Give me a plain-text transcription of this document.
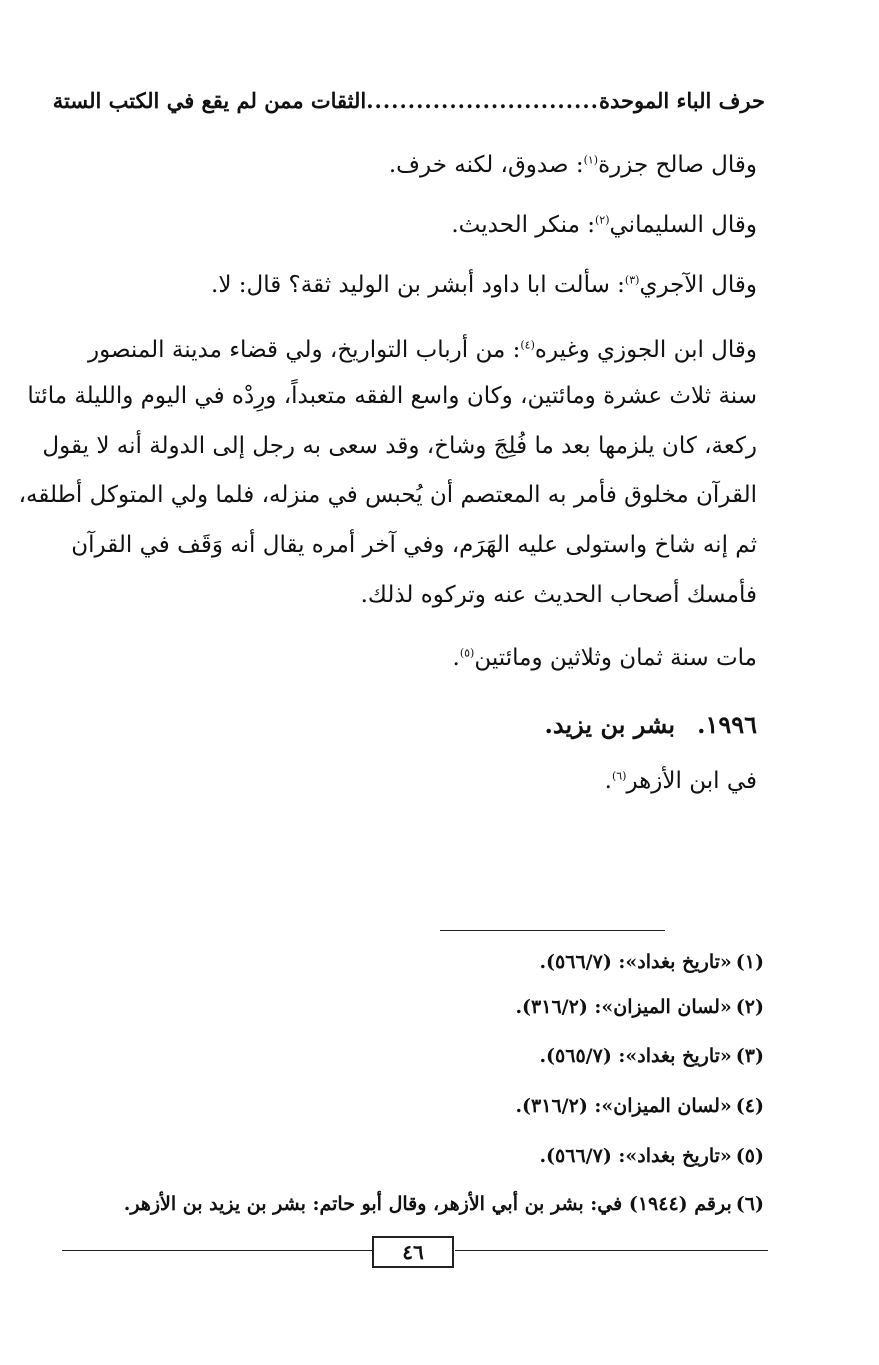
حرف الباء الموحدة
............................
الثقات ممن لم يقع في الكتب الستة
وقال صالح جزرة$^{(١)}$: صدوق، لكنه خرف.
وقال السليماني$^{(٢)}$: منكر الحديث.
وقال الآجري$^{(٣)}$: سألت ابا داود أبشر بن الوليد ثقة؟ قال: لا.
وقال ابن الجوزي وغيره$^{(٤)}$: من أرباب التواريخ، ولي قضاء مدينة المنصور
سنة ثلاث عشرة ومائتين، وكان واسع الفقه متعبداً، ورِدْه في اليوم والليلة مائتا
ركعة، كان يلزمها بعد ما فُلِجَ وشاخ، وقد سعى به رجل إلى الدولة أنه لا يقول
القرآن مخلوق فأمر به المعتصم أن يُحبس في منزله، فلما ولي المتوكل أطلقه،
ثم إنه شاخ واستولى عليه الهَرَم، وفي آخر أمره يقال أنه وَقَف في القرآن
فأمسك أصحاب الحديث عنه وتركوه لذلك.
مات سنة ثمان وثلاثين ومائتين$^{(٥)}$.
١٩٩٦.بشر بن يزيد.
في ابن الأزهر$^{(٦)}$.
(١)«تاريخ بغداد»: (٥٦٦/٧).
(٢)«لسان الميزان»: (٣١٦/٢).
(٣)«تاريخ بغداد»: (٥٦٥/٧).
(٤)«لسان الميزان»: (٣١٦/٢).
(٥)«تاريخ بغداد»: (٥٦٦/٧).
(٦)برقم (١٩٤٤) في: بشر بن أبي الأزهر، وقال أبو حاتم: بشر بن يزيد بن الأزهر.
٤٦
